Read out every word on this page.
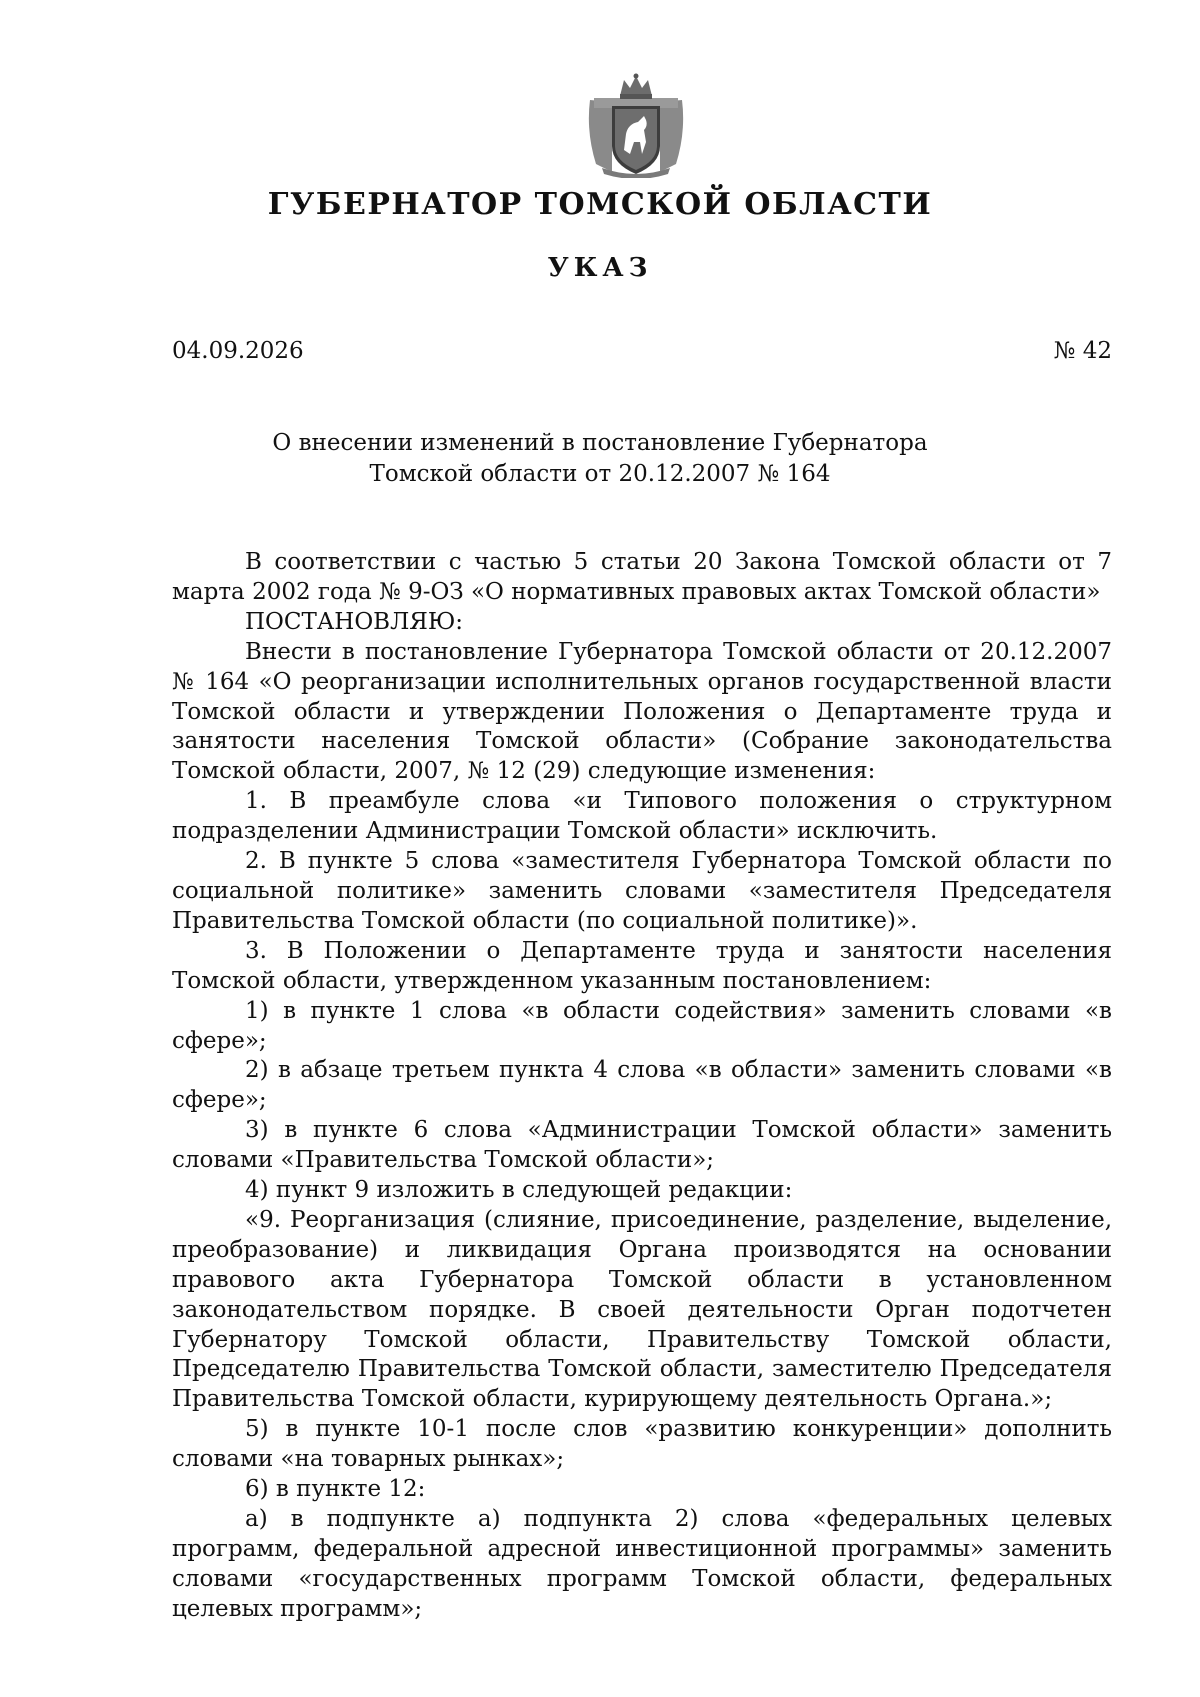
ГУБЕРНАТОР ТОМСКОЙ ОБЛАСТИ
УКАЗ
04.09.2026	№ 42
О внесении изменений в постановление Губернатора
Томской области от 20.12.2007 № 164

В соответствии с частью 5 статьи 20 Закона Томской области от 7 марта 2002 года № 9-ОЗ «О нормативных правовых актах Томской области»

ПОСТАНОВЛЯЮ:

Внести в постановление Губернатора Томской области от 20.12.2007 № 164 «О реорганизации исполнительных органов государственной власти Томской области и утверждении Положения о Департаменте труда и занятости населения Томской области» (Собрание законодательства Томской области, 2007, № 12 (29) следующие изменения:

1. В преамбуле слова «и Типового положения о структурном подразделении Администрации Томской области» исключить.

2. В пункте 5 слова «заместителя Губернатора Томской области по социальной политике» заменить словами «заместителя Председателя Правительства Томской области (по социальной политике)».

3. В Положении о Департаменте труда и занятости населения Томской области, утвержденном указанным постановлением:

1) в пункте 1 слова «в области содействия» заменить словами «в сфере»;

2) в абзаце третьем пункта 4 слова «в области» заменить словами «в сфере»;

3) в пункте 6 слова «Администрации Томской области» заменить словами «Правительства Томской области»;

4) пункт 9 изложить в следующей редакции:

«9. Реорганизация (слияние, присоединение, разделение, выделение, преобразование) и ликвидация Органа производятся на основании правового акта Губернатора Томской области в установленном законодательством порядке. В своей деятельности Орган подотчетен Губернатору Томской области, Правительству Томской области, Председателю Правительства Томской области, заместителю Председателя Правительства Томской области, курирующему деятельность Органа.»;

5) в пункте 10-1 после слов «развитию конкуренции» дополнить словами «на товарных рынках»;

6) в пункте 12:

а) в подпункте а) подпункта 2) слова «федеральных целевых программ, федеральной адресной инвестиционной программы» заменить словами «государственных программ Томской области, федеральных целевых программ»;
